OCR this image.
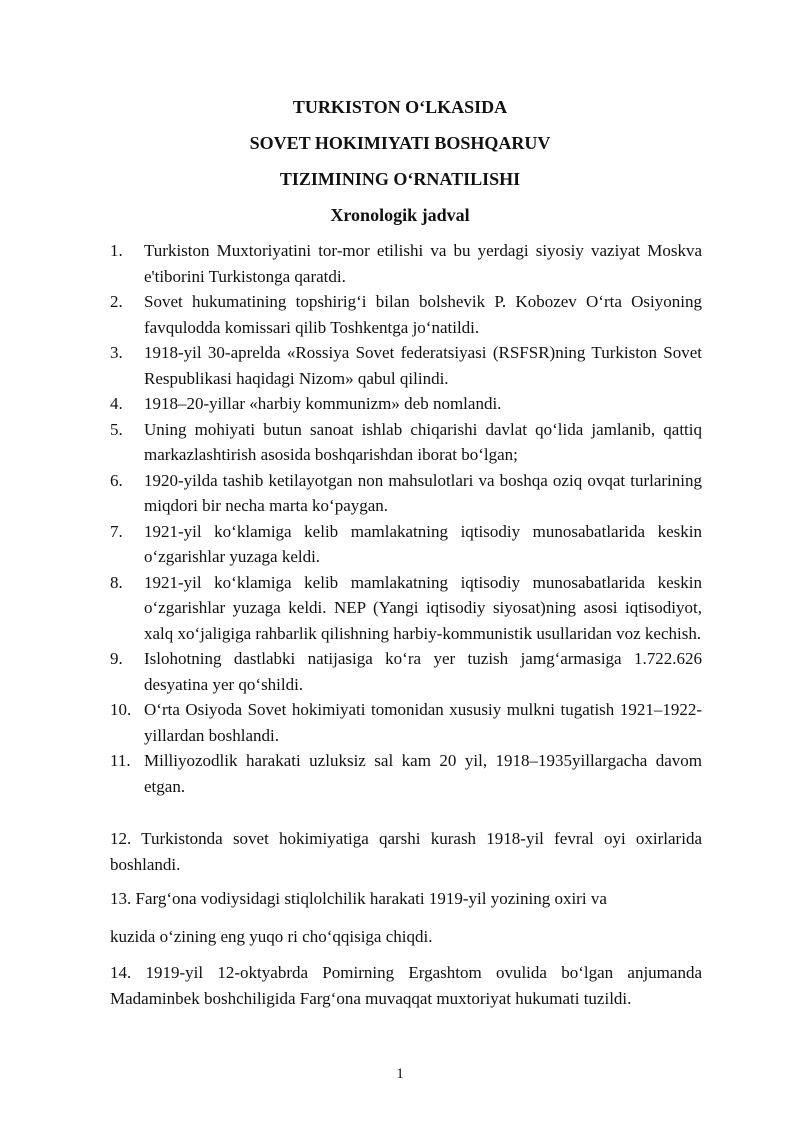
TURKISTON O‘LKASIDA
SOVET HOKIMIYATI BOSHQARUV
TIZIMINING O‘RNATILISHI
Xronologik jadval
1.	Turkiston Muxtoriyatini tor-mor etilishi va bu yerdagi siyosiy vaziyat Moskva e'tiborini Turkistonga qaratdi.
2.	Sovet hukumatining topshirig‘i bilan bolshevik P. Kobozev O‘rta Osiyoning favqulodda komissari qilib Toshkentga jo‘natildi.
3.	1918-yil 30-aprelda «Rossiya Sovet federatsiyasi (RSFSR)ning Turkiston Sovet Respublikasi haqidagi Nizom» qabul qilindi.
4.	1918–20-yillar «harbiy kommunizm» deb nomlandi.
5.	Uning mohiyati butun sanoat ishlab chiqarishi davlat qo‘lida jamlanib, qattiq markazlashtirish asosida boshqarishdan iborat bo‘lgan;
6.	1920-yilda tashib ketilayotgan non mahsulotlari va boshqa oziq ovqat turlarining miqdori bir necha marta ko‘paygan.
7.	1921-yil ko‘klamiga kelib mamlakatning iqtisodiy munosabatlarida keskin o‘zgarishlar yuzaga keldi.
8.	1921-yil ko‘klamiga kelib mamlakatning iqtisodiy munosabatlarida keskin o‘zgarishlar yuzaga keldi. NEP (Yangi iqtisodiy siyosat)ning asosi iqtisodiyot, xalq xo‘jaligiga rahbarlik qilishning harbiy-kommunistik usullaridan voz kechish.
9.	Islohotning dastlabki natijasiga ko‘ra yer tuzish jamg‘armasiga 1.722.626 desyatina yer qo‘shildi.
10. O‘rta Osiyoda Sovet hokimiyati tomonidan xususiy mulkni tugatish 1921–1922-yillardan boshlandi.
11. Milliyozodlik harakati uzluksiz sal kam 20 yil, 1918–1935yillargacha davom etgan.

12. Turkistonda sovet hokimiyatiga qarshi kurash 1918-yil fevral oyi oxirlarida boshlandi.

13. Farg‘ona vodiysidagi stiqlolchilik harakati 1919-yil yozining oxiri va

kuzida o‘zining eng yuqo ri cho‘qqisiga chiqdi.

14. 1919-yil 12-oktyabrda Pomirning Ergashtom ovulida bo‘lgan anjumanda Madaminbek boshchiligida Farg‘ona muvaqqat muxtoriyat hukumati tuzildi.

1
